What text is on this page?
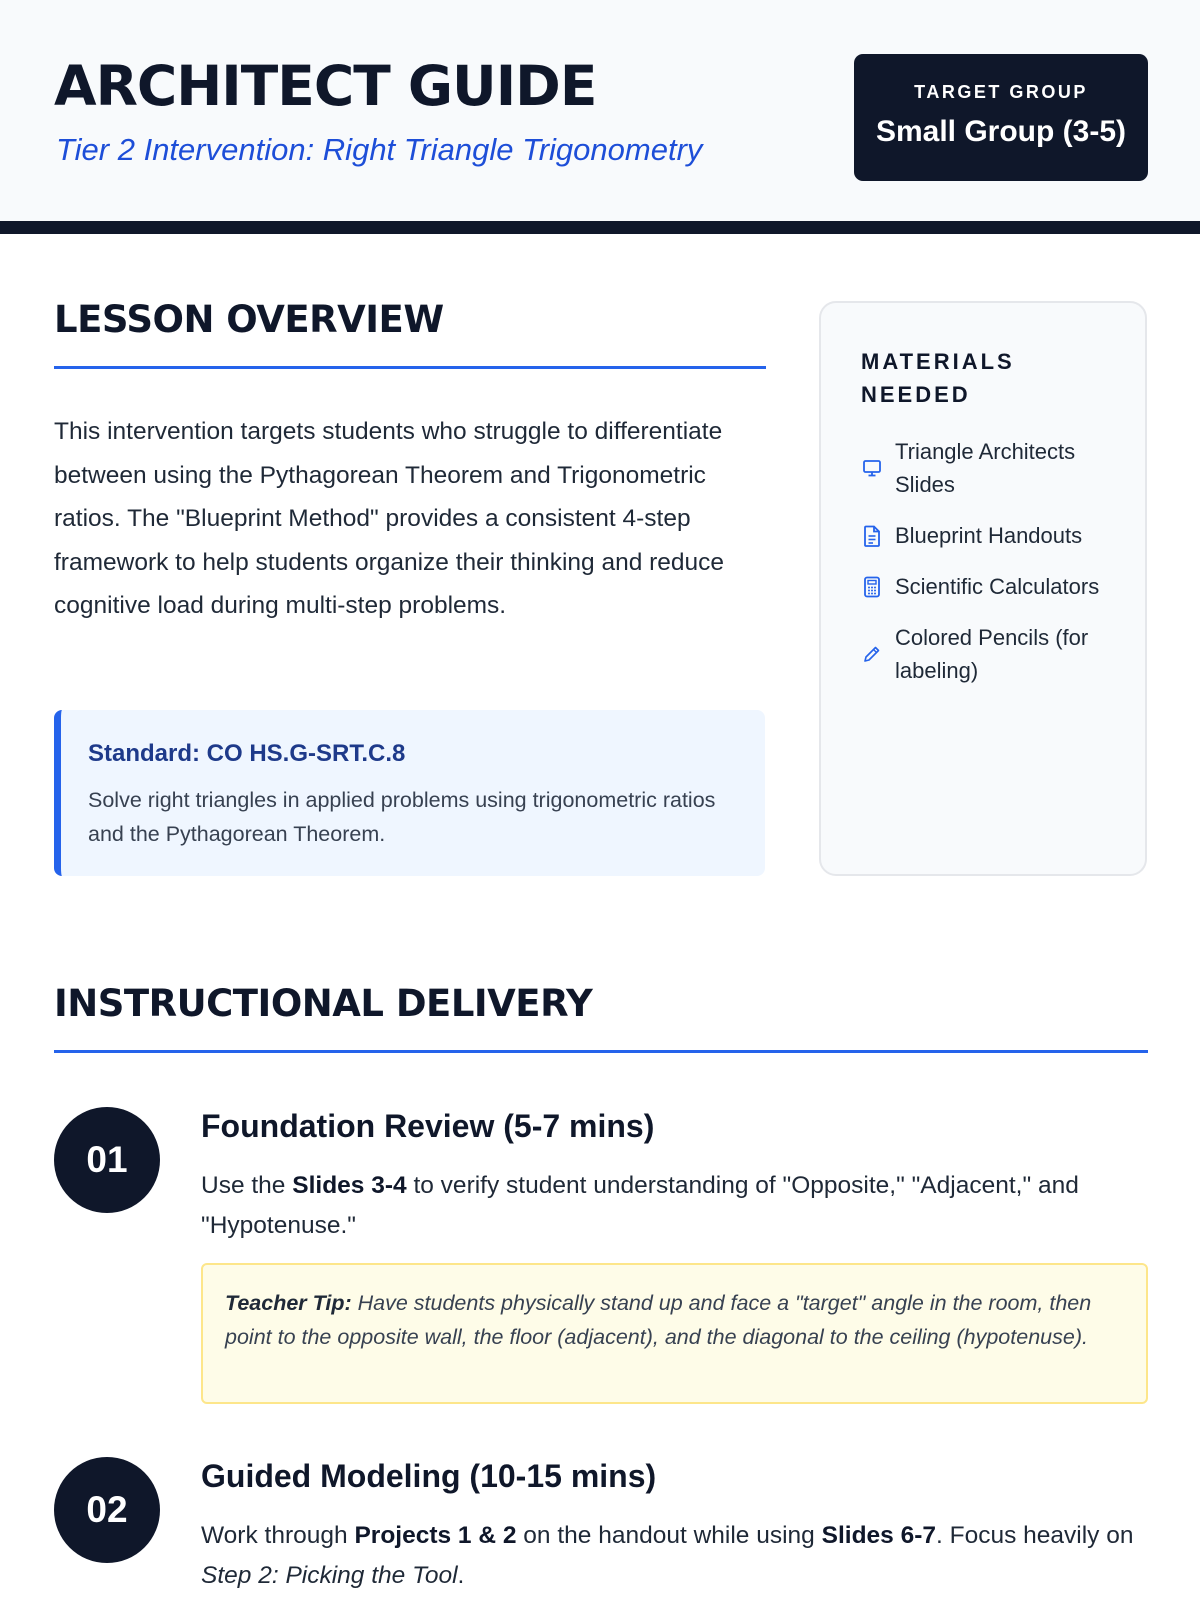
ARCHITECT GUIDE

Tier 2 Intervention: Right Triangle Trigonometry

TARGET GROUP
Small Group (3-5)
LESSON OVERVIEW

This intervention targets students who struggle to differentiate between using the Pythagorean Theorem and Trigonometric ratios. The "Blueprint Method" provides a consistent 4-step framework to help students organize their thinking and reduce cognitive load during multi-step problems.

Standard: CO HS.G-SRT.C.8
Solve right triangles in applied problems using trigonometric ratios and the Pythagorean Theorem.
MATERIALS NEEDED
Triangle Architects Slides
Blueprint Handouts
Scientific Calculators
Colored Pencils (for labeling)
INSTRUCTIONAL DELIVERY
01
Foundation Review (5-7 mins)

Use the Slides 3-4 to verify student understanding of "Opposite," "Adjacent," and "Hypotenuse."

Teacher Tip: Have students physically stand up and face a "target" angle in the room, then point to the opposite wall, the floor (adjacent), and the diagonal to the ceiling (hypotenuse).
02
Guided Modeling (10-15 mins)

Work through Projects 1 & 2 on the handout while using Slides 6-7. Focus heavily on Step 2: Picking the Tool.
